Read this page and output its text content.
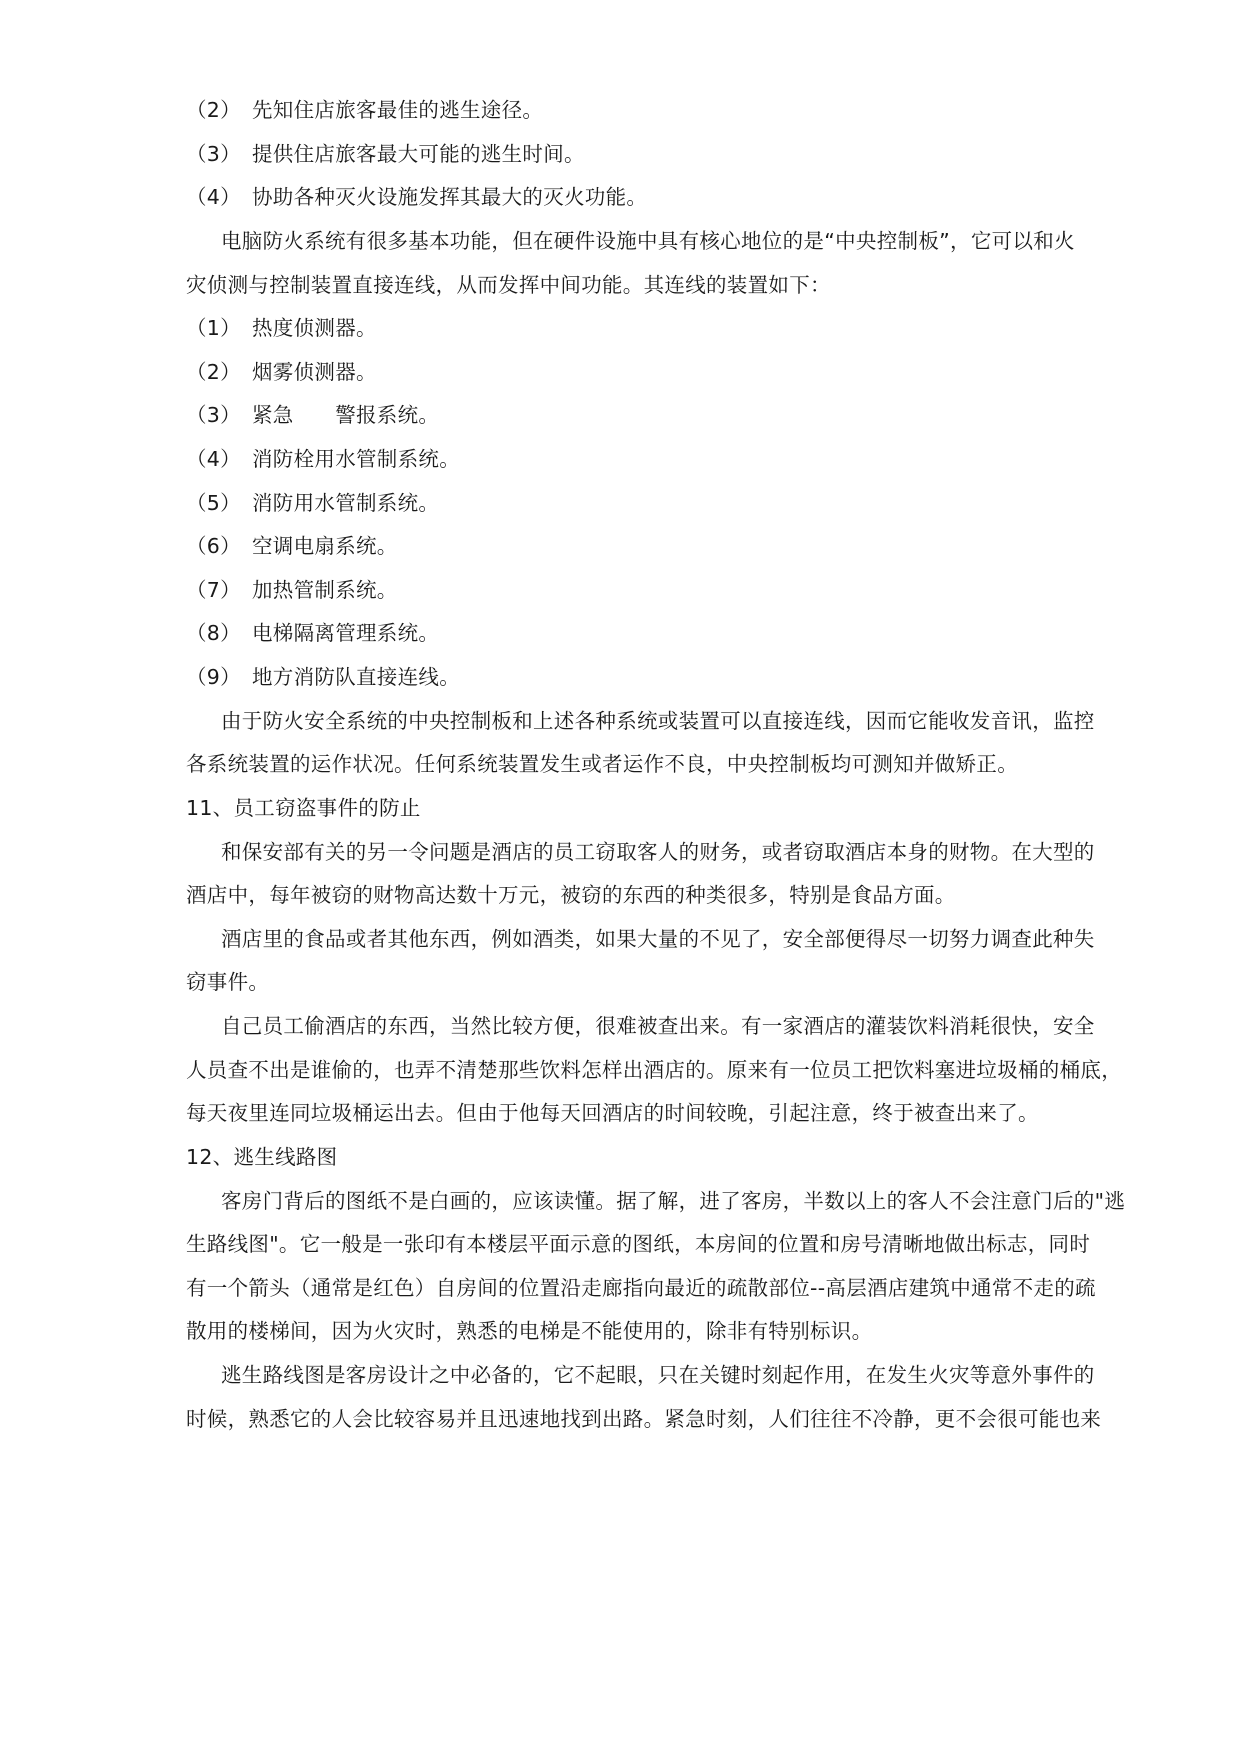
（2） 先知住店旅客最佳的逃生途径。
（3） 提供住店旅客最大可能的逃生时间。
（4） 协助各种灭火设施发挥其最大的灭火功能。
电脑防火系统有很多基本功能，但在硬件设施中具有核心地位的是“中央控制板”，它可以和火
灾侦测与控制装置直接连线，从而发挥中间功能。其连线的装置如下：
（1） 热度侦测器。
（2） 烟雾侦测器。
（3） 紧急　　警报系统。
（4） 消防栓用水管制系统。
（5） 消防用水管制系统。
（6） 空调电扇系统。
（7） 加热管制系统。
（8） 电梯隔离管理系统。
（9） 地方消防队直接连线。
由于防火安全系统的中央控制板和上述各种系统或装置可以直接连线，因而它能收发音讯，监控
各系统装置的运作状况。任何系统装置发生或者运作不良，中央控制板均可测知并做矫正。
11、员工窃盗事件的防止
和保安部有关的另一令问题是酒店的员工窃取客人的财务，或者窃取酒店本身的财物。在大型的
酒店中，每年被窃的财物高达数十万元，被窃的东西的种类很多，特别是食品方面。
酒店里的食品或者其他东西，例如酒类，如果大量的不见了，安全部便得尽一切努力调查此种失
窃事件。
自己员工偷酒店的东西，当然比较方便，很难被查出来。有一家酒店的灌装饮料消耗很快，安全
人员查不出是谁偷的，也弄不清楚那些饮料怎样出酒店的。原来有一位员工把饮料塞进垃圾桶的桶底，
每天夜里连同垃圾桶运出去。但由于他每天回酒店的时间较晚，引起注意，终于被查出来了。
12、逃生线路图
客房门背后的图纸不是白画的，应该读懂。据了解，进了客房，半数以上的客人不会注意门后的"逃
生路线图"。它一般是一张印有本楼层平面示意的图纸，本房间的位置和房号清晰地做出标志，同时
有一个箭头（通常是红色）自房间的位置沿走廊指向最近的疏散部位--高层酒店建筑中通常不走的疏
散用的楼梯间，因为火灾时，熟悉的电梯是不能使用的，除非有特别标识。
逃生路线图是客房设计之中必备的，它不起眼，只在关键时刻起作用，在发生火灾等意外事件的
时候，熟悉它的人会比较容易并且迅速地找到出路。紧急时刻，人们往往不冷静，更不会很可能也来
